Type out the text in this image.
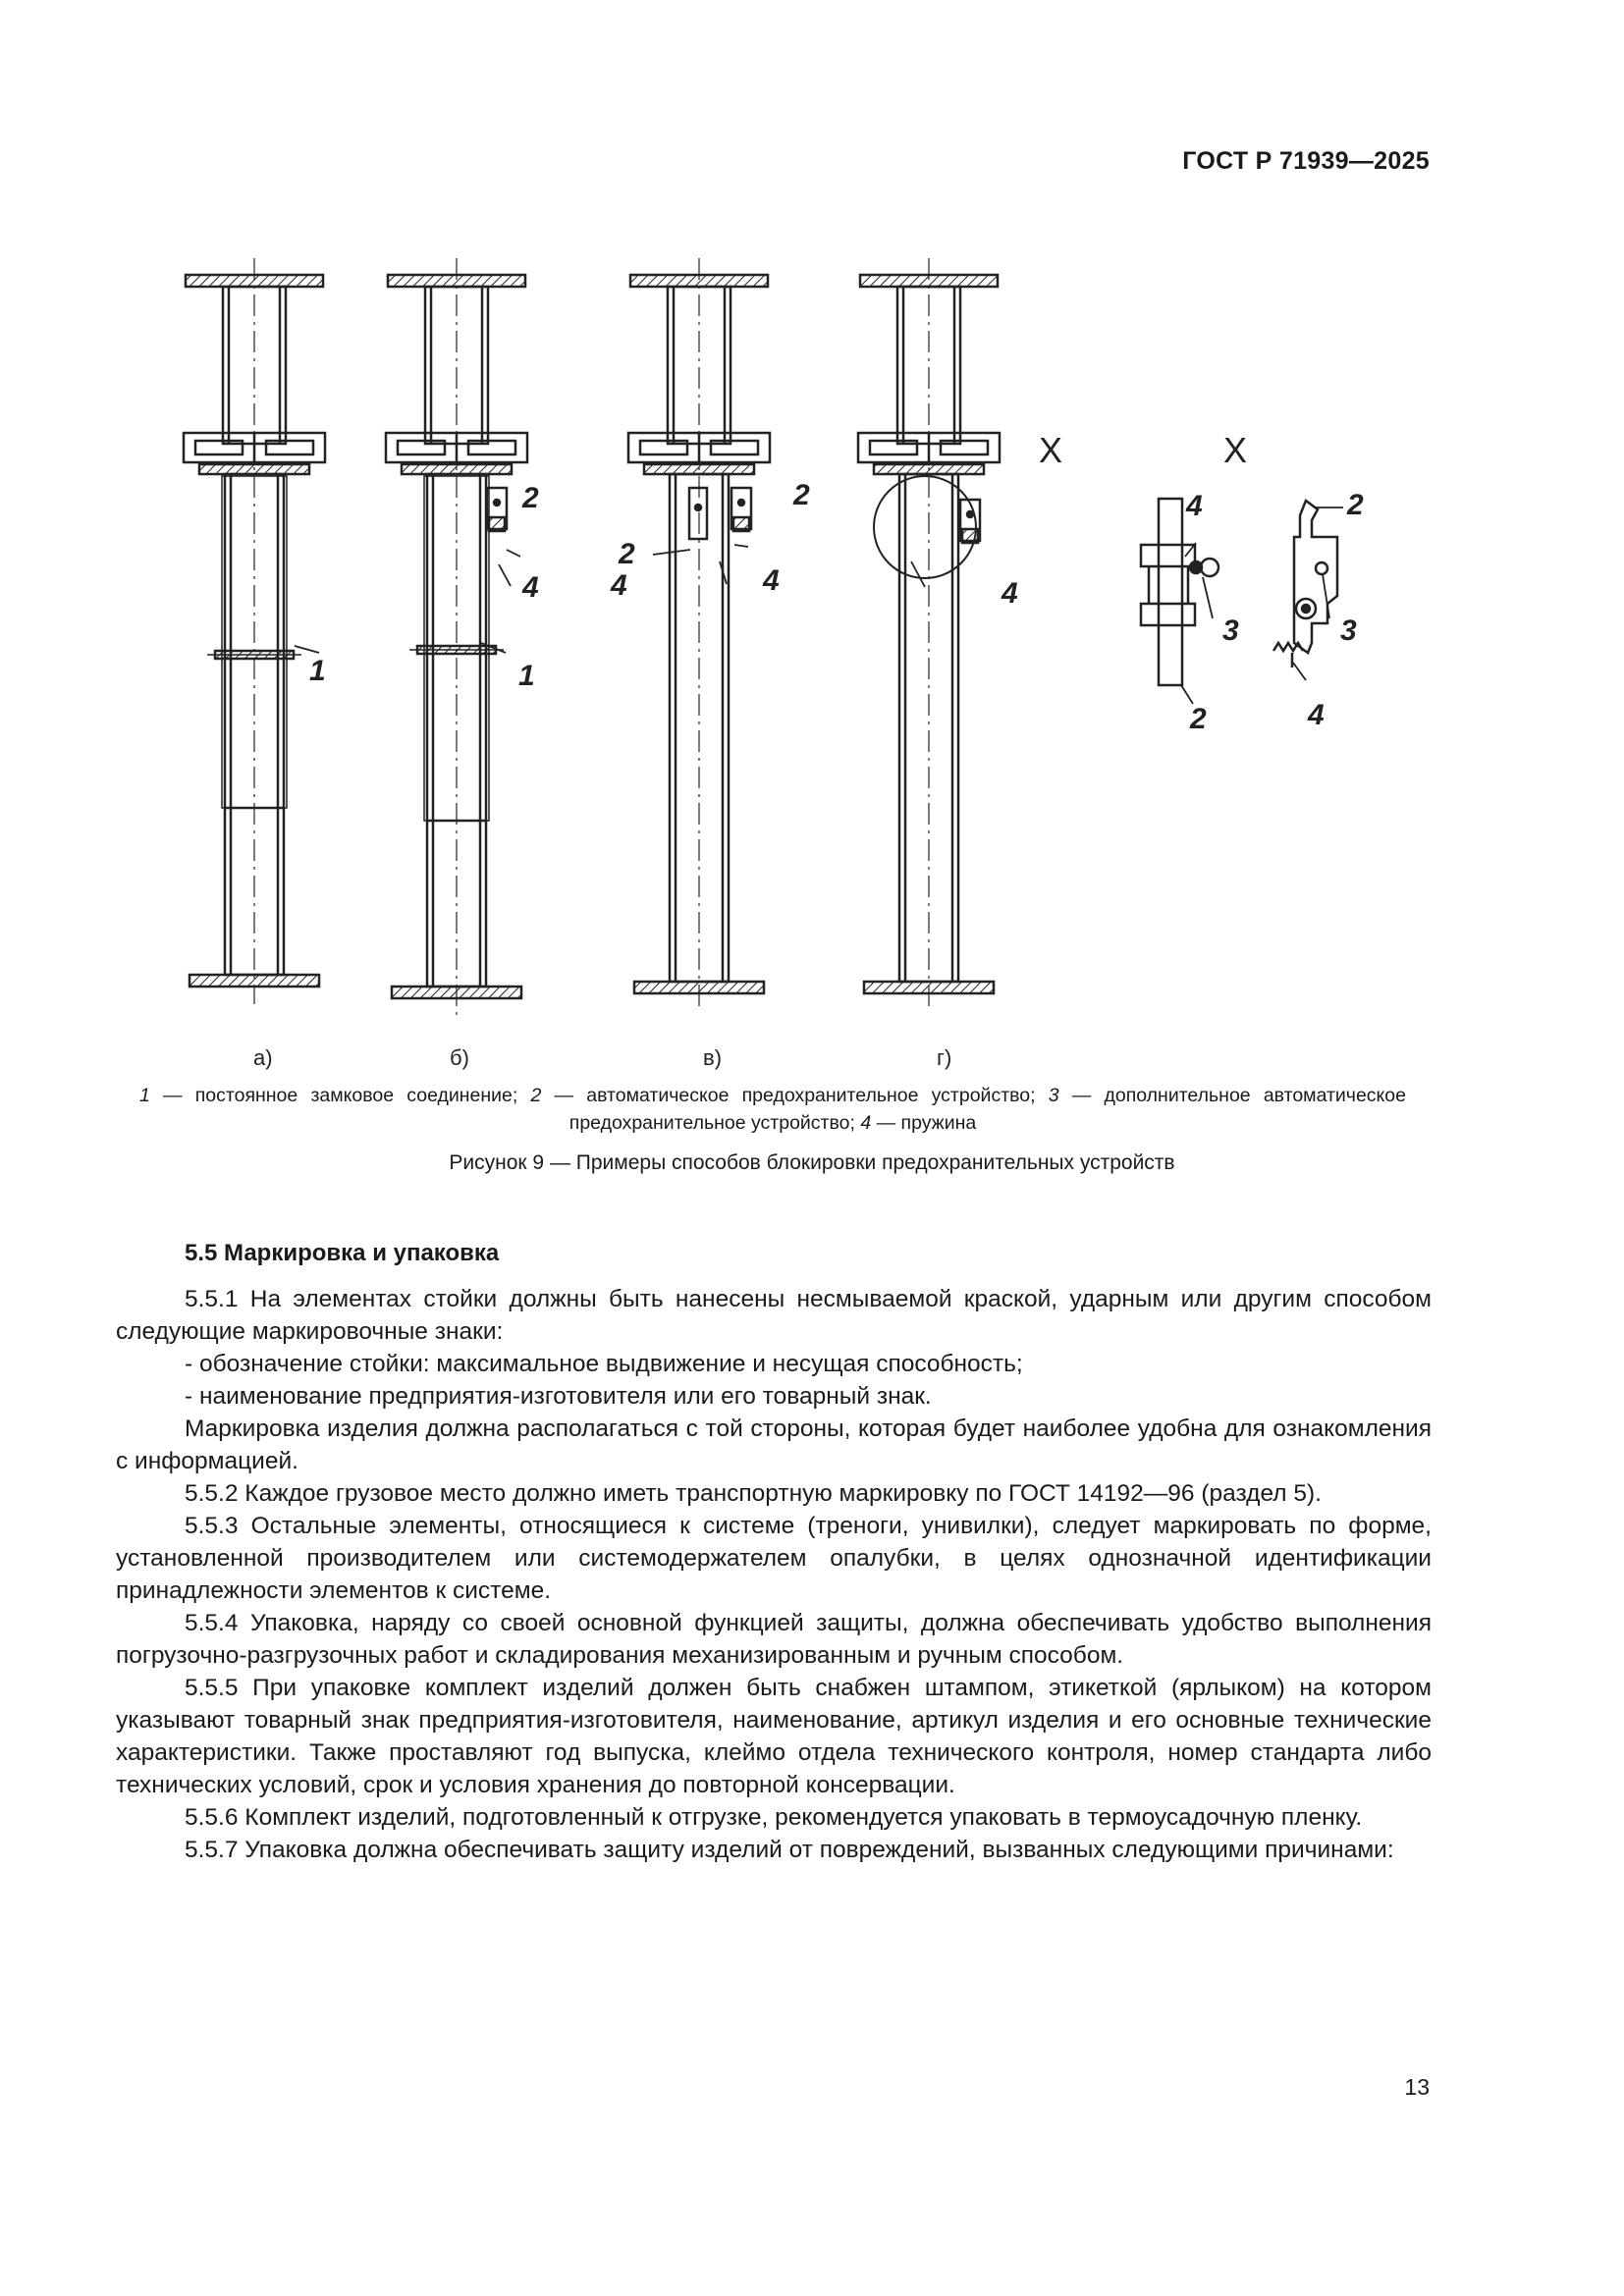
ГОСТ Р 71939—2025
1	1
2
4
2
4
2
4	4
4
3
2
2
3
4
X	X
а)	б)	в)	г)
1 — постоянное замковое соединение; 2 — автоматическое предохранительное устройство; 3 — дополнительное автоматическое предохранительное устройство; 4 — пружина
Рисунок 9 — Примеры способов блокировки предохранительных устройств
5.5 Маркировка и упаковка

5.5.1 На элементах стойки должны быть нанесены несмываемой краской, ударным или другим способом следующие маркировочные знаки:

- обозначение стойки: максимальное выдвижение и несущая способность;

- наименование предприятия-изготовителя или его товарный знак.

Маркировка изделия должна располагаться с той стороны, которая будет наиболее удобна для ознакомления с информацией.

5.5.2 Каждое грузовое место должно иметь транспортную маркировку по ГОСТ 14192—96 (раздел 5).

5.5.3 Остальные элементы, относящиеся к системе (треноги, унивилки), следует маркировать по форме, установленной производителем или системодержателем опалубки, в целях однозначной идентификации принадлежности элементов к системе.

5.5.4 Упаковка, наряду со своей основной функцией защиты, должна обеспечивать удобство выполнения погрузочно-разгрузочных работ и складирования механизированным и ручным способом.

5.5.5 При упаковке комплект изделий должен быть снабжен штампом, этикеткой (ярлыком) на котором указывают товарный знак предприятия-изготовителя, наименование, артикул изделия и его основные технические характеристики. Также проставляют год выпуска, клеймо отдела технического контроля, номер стандарта либо технических условий, срок и условия хранения до повторной консервации.

5.5.6 Комплект изделий, подготовленный к отгрузке, рекомендуется упаковать в термоусадочную пленку.

5.5.7 Упаковка должна обеспечивать защиту изделий от повреждений, вызванных следующими причинами:

13
